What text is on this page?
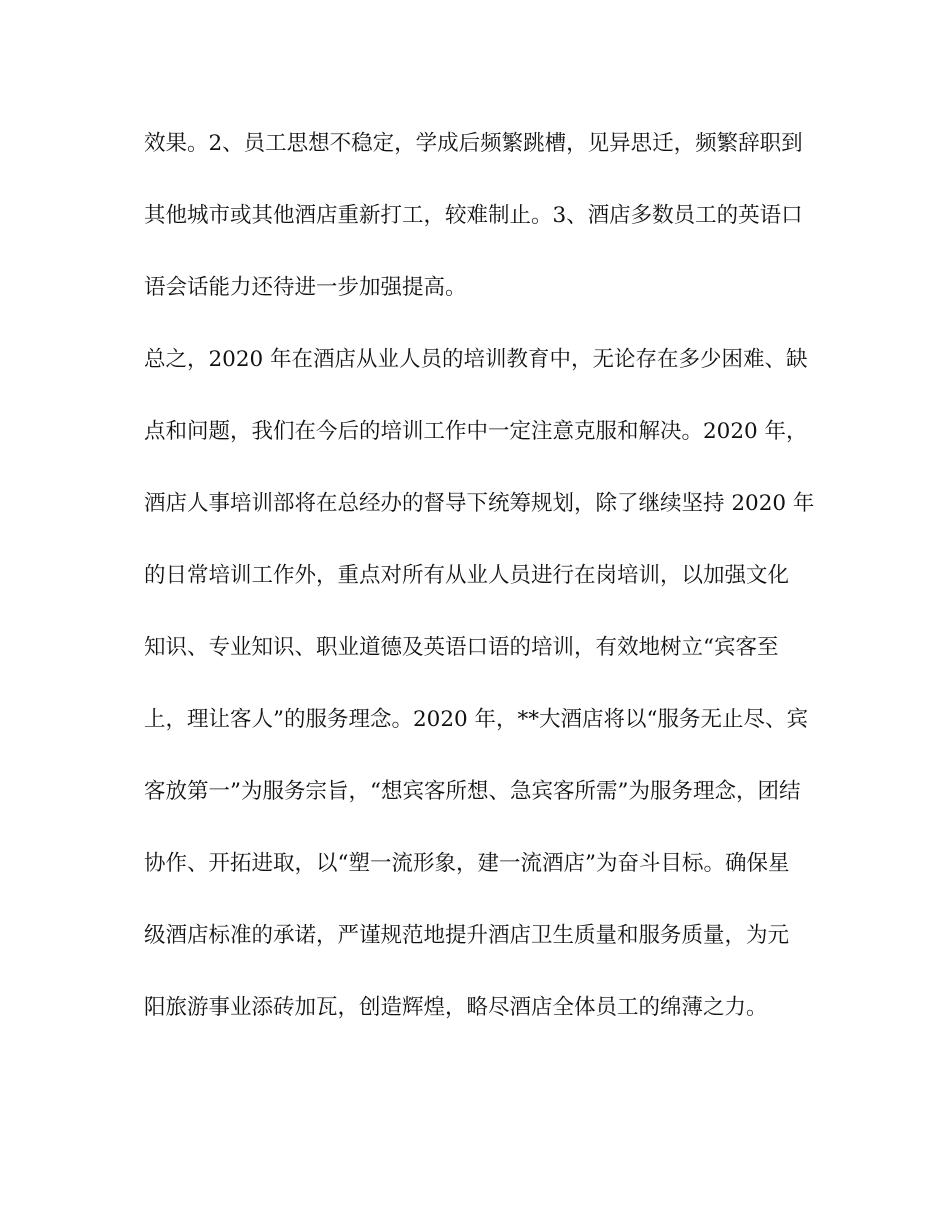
效果。2、员工思想不稳定，学成后频繁跳槽，见异思迁，频繁辞职到
其他城市或其他酒店重新打工，较难制止。3、酒店多数员工的英语口
语会话能力还待进一步加强提高。
总之，2020 年在酒店从业人员的培训教育中，无论存在多少困难、缺
点和问题，我们在今后的培训工作中一定注意克服和解决。2020 年，
酒店人事培训部将在总经办的督导下统筹规划，除了继续坚持 2020 年
的日常培训工作外，重点对所有从业人员进行在岗培训，以加强文化
知识、专业知识、职业道德及英语口语的培训，有效地树立“宾客至
上，理让客人”的服务理念。2020 年，**大酒店将以“服务无止尽、宾
客放第一”为服务宗旨，“想宾客所想、急宾客所需”为服务理念，团结
协作、开拓进取，以“塑一流形象，建一流酒店”为奋斗目标。确保星
级酒店标准的承诺，严谨规范地提升酒店卫生质量和服务质量，为元
阳旅游事业添砖加瓦，创造辉煌，略尽酒店全体员工的绵薄之力。
